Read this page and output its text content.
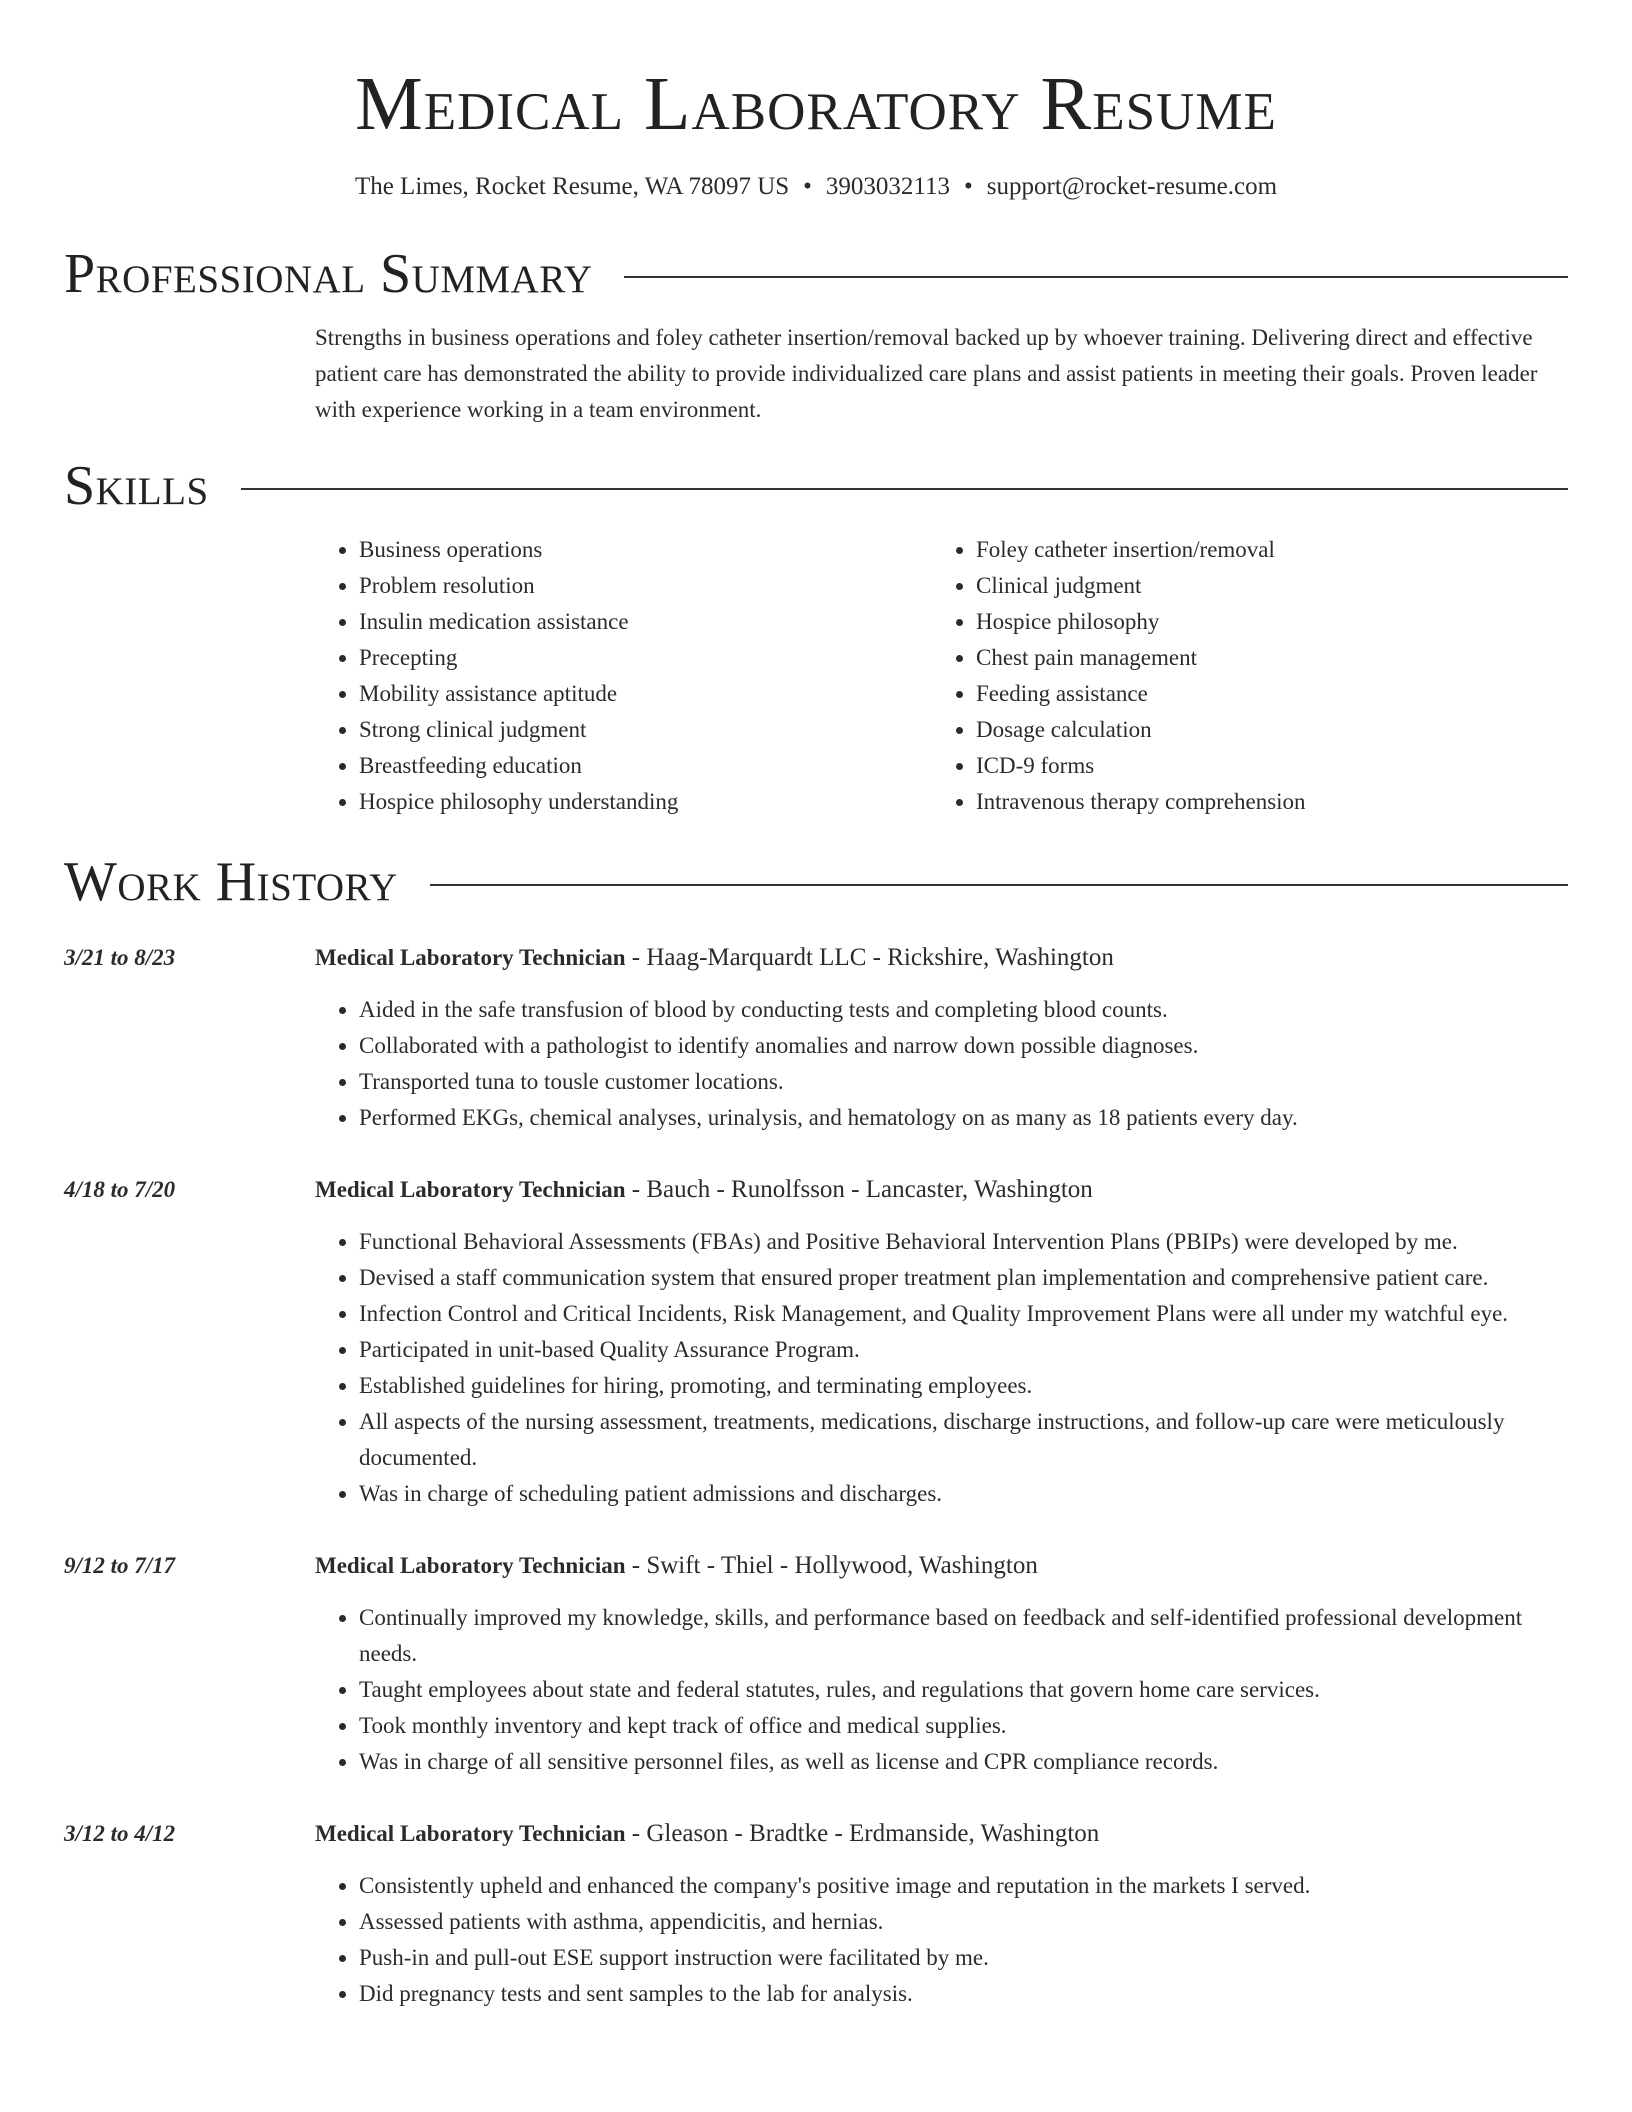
Medical Laboratory Resume
The Limes, Rocket Resume, WA 78097 US • 3903032113 • support@rocket-resume.com
Professional Summary
Strengths in business operations and foley catheter insertion/removal backed up by whoever training. Delivering direct and effective patient care has demonstrated the ability to provide individualized care plans and assist patients in meeting their goals. Proven leader with experience working in a team environment.
Skills
• Business operations
• Problem resolution
• Insulin medication assistance
• Precepting
• Mobility assistance aptitude
• Strong clinical judgment
• Breastfeeding education
• Hospice philosophy understanding
• Foley catheter insertion/removal
• Clinical judgment
• Hospice philosophy
• Chest pain management
• Feeding assistance
• Dosage calculation
• ICD-9 forms
• Intravenous therapy comprehension
Work History
3/21 to 8/23	Medical Laboratory Technician - Haag-Marquardt LLC - Rickshire, Washington
• Aided in the safe transfusion of blood by conducting tests and completing blood counts.
• Collaborated with a pathologist to identify anomalies and narrow down possible diagnoses.
• Transported tuna to tousle customer locations.
• Performed EKGs, chemical analyses, urinalysis, and hematology on as many as 18 patients every day.
4/18 to 7/20	Medical Laboratory Technician - Bauch - Runolfsson - Lancaster, Washington
• Functional Behavioral Assessments (FBAs) and Positive Behavioral Intervention Plans (PBIPs) were developed by me.
• Devised a staff communication system that ensured proper treatment plan implementation and comprehensive patient care.
• Infection Control and Critical Incidents, Risk Management, and Quality Improvement Plans were all under my watchful eye.
• Participated in unit-based Quality Assurance Program.
• Established guidelines for hiring, promoting, and terminating employees.
• All aspects of the nursing assessment, treatments, medications, discharge instructions, and follow-up care were meticulously documented.
• Was in charge of scheduling patient admissions and discharges.
9/12 to 7/17	Medical Laboratory Technician - Swift - Thiel - Hollywood, Washington
• Continually improved my knowledge, skills, and performance based on feedback and self-identified professional development needs.
• Taught employees about state and federal statutes, rules, and regulations that govern home care services.
• Took monthly inventory and kept track of office and medical supplies.
• Was in charge of all sensitive personnel files, as well as license and CPR compliance records.
3/12 to 4/12	Medical Laboratory Technician - Gleason - Bradtke - Erdmanside, Washington
• Consistently upheld and enhanced the company's positive image and reputation in the markets I served.
• Assessed patients with asthma, appendicitis, and hernias.
• Push-in and pull-out ESE support instruction were facilitated by me.
• Did pregnancy tests and sent samples to the lab for analysis.
